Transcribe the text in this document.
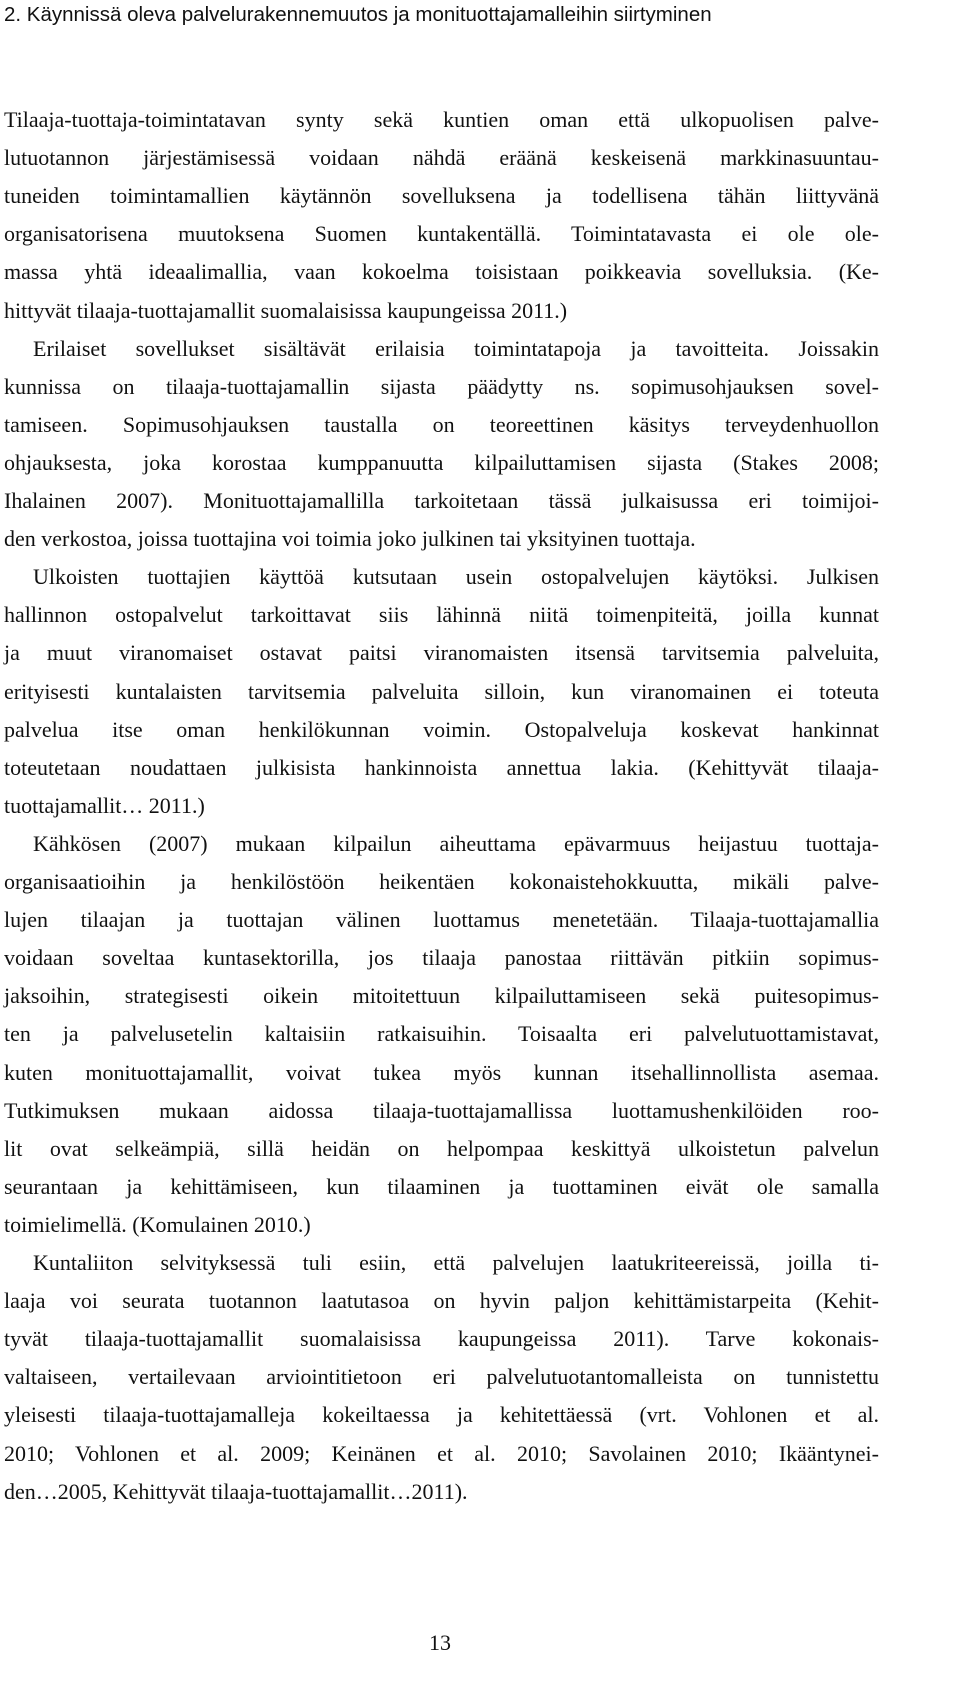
2. Käynnissä oleva palvelurakennemuutos ja monituottajamalleihin siirtyminen
Tilaaja-tuottaja-toimintatavan synty sekä kuntien oman että ulkopuolisen palve-
lutuotannon järjestämisessä voidaan nähdä eräänä keskeisenä markkinasuuntau-
tuneiden toimintamallien käytännön sovelluksena ja todellisena tähän liittyvänä
organisatorisena muutoksena Suomen kuntakentällä. Toimintatavasta ei ole ole-
massa yhtä ideaalimallia, vaan kokoelma toisistaan poikkeavia sovelluksia. (Ke-
hittyvät tilaaja-tuottajamallit suomalaisissa kaupungeissa 2011.)
Erilaiset sovellukset sisältävät erilaisia toimintatapoja ja tavoitteita. Joissakin
kunnissa on tilaaja-tuottajamallin sijasta päädytty ns. sopimusohjauksen sovel-
tamiseen. Sopimusohjauksen taustalla on teoreettinen käsitys terveydenhuollon
ohjauksesta, joka korostaa kumppanuutta kilpailuttamisen sijasta (Stakes 2008;
Ihalainen 2007). Monituottajamallilla tarkoitetaan tässä julkaisussa eri toimijoi-
den verkostoa, joissa tuottajina voi toimia joko julkinen tai yksityinen tuottaja.
Ulkoisten tuottajien käyttöä kutsutaan usein ostopalvelujen käytöksi. Julkisen
hallinnon ostopalvelut tarkoittavat siis lähinnä niitä toimenpiteitä, joilla kunnat
ja muut viranomaiset ostavat paitsi viranomaisten itsensä tarvitsemia palveluita,
erityisesti kuntalaisten tarvitsemia palveluita silloin, kun viranomainen ei toteuta
palvelua itse oman henkilökunnan voimin. Ostopalveluja koskevat hankinnat
toteutetaan noudattaen julkisista hankinnoista annettua lakia. (Kehittyvät tilaaja-
tuottajamallit… 2011.)
Kähkösen (2007) mukaan kilpailun aiheuttama epävarmuus heijastuu tuottaja-
organisaatioihin ja henkilöstöön heikentäen kokonaistehokkuutta, mikäli palve-
lujen tilaajan ja tuottajan välinen luottamus menetetään. Tilaaja-tuottajamallia
voidaan soveltaa kuntasektorilla, jos tilaaja panostaa riittävän pitkiin sopimus-
jaksoihin, strategisesti oikein mitoitettuun kilpailuttamiseen sekä puitesopimus-
ten ja palvelusetelin kaltaisiin ratkaisuihin. Toisaalta eri palvelutuottamistavat,
kuten monituottajamallit, voivat tukea myös kunnan itsehallinnollista asemaa.
Tutkimuksen mukaan aidossa tilaaja-tuottajamallissa luottamushenkilöiden roo-
lit ovat selkeämpiä, sillä heidän on helpompaa keskittyä ulkoistetun palvelun
seurantaan ja kehittämiseen, kun tilaaminen ja tuottaminen eivät ole samalla
toimielimellä. (Komulainen 2010.)
Kuntaliiton selvityksessä tuli esiin, että palvelujen laatukriteereissä, joilla ti-
laaja voi seurata tuotannon laatutasoa on hyvin paljon kehittämistarpeita (Kehit-
tyvät tilaaja-tuottajamallit suomalaisissa kaupungeissa 2011). Tarve kokonais-
valtaiseen, vertailevaan arviointitietoon eri palvelutuotantomalleista on tunnistettu
yleisesti tilaaja-tuottajamalleja kokeiltaessa ja kehitettäessä (vrt. Vohlonen et al.
2010; Vohlonen et al. 2009; Keinänen et al. 2010; Savolainen 2010; Ikääntynei-
den…2005, Kehittyvät tilaaja-tuottajamallit…2011).
13
